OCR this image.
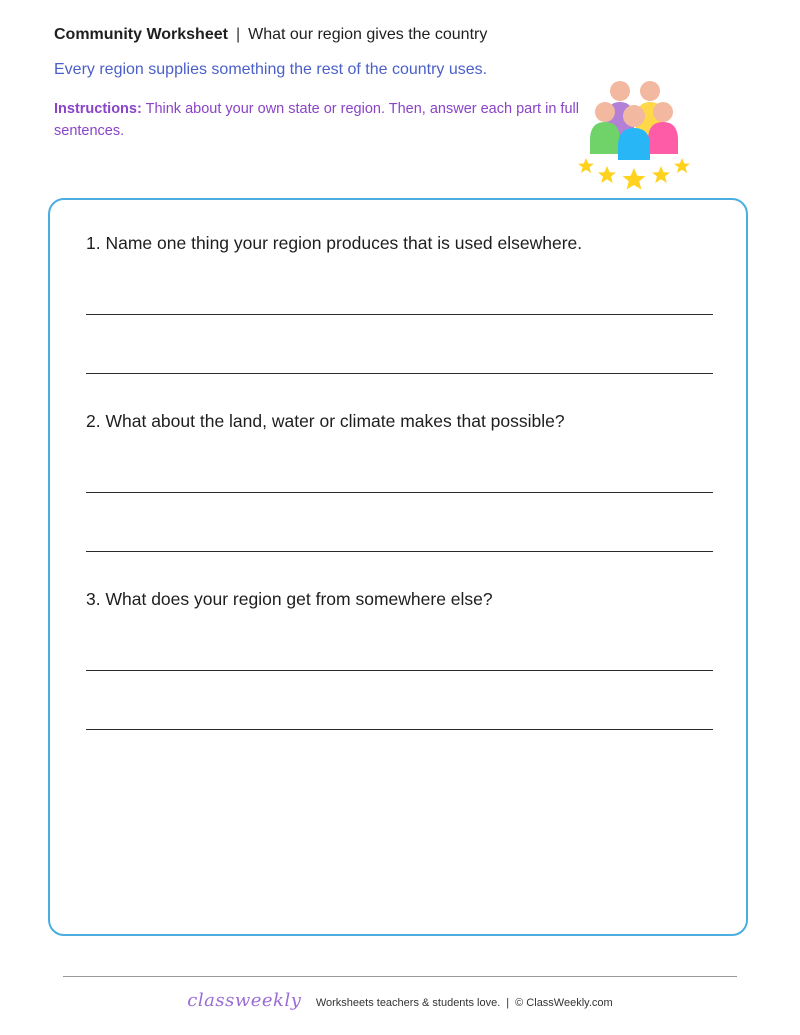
Community Worksheet | What our region gives the country
Every region supplies something the rest of the country uses.
Instructions: Think about your own state or region. Then, answer each part in full sentences.
1. Name one thing your region produces that is used elsewhere.
2. What about the land, water or climate makes that possible?
3. What does your region get from somewhere else?
classweekly Worksheets teachers & students love. | © ClassWeekly.com
